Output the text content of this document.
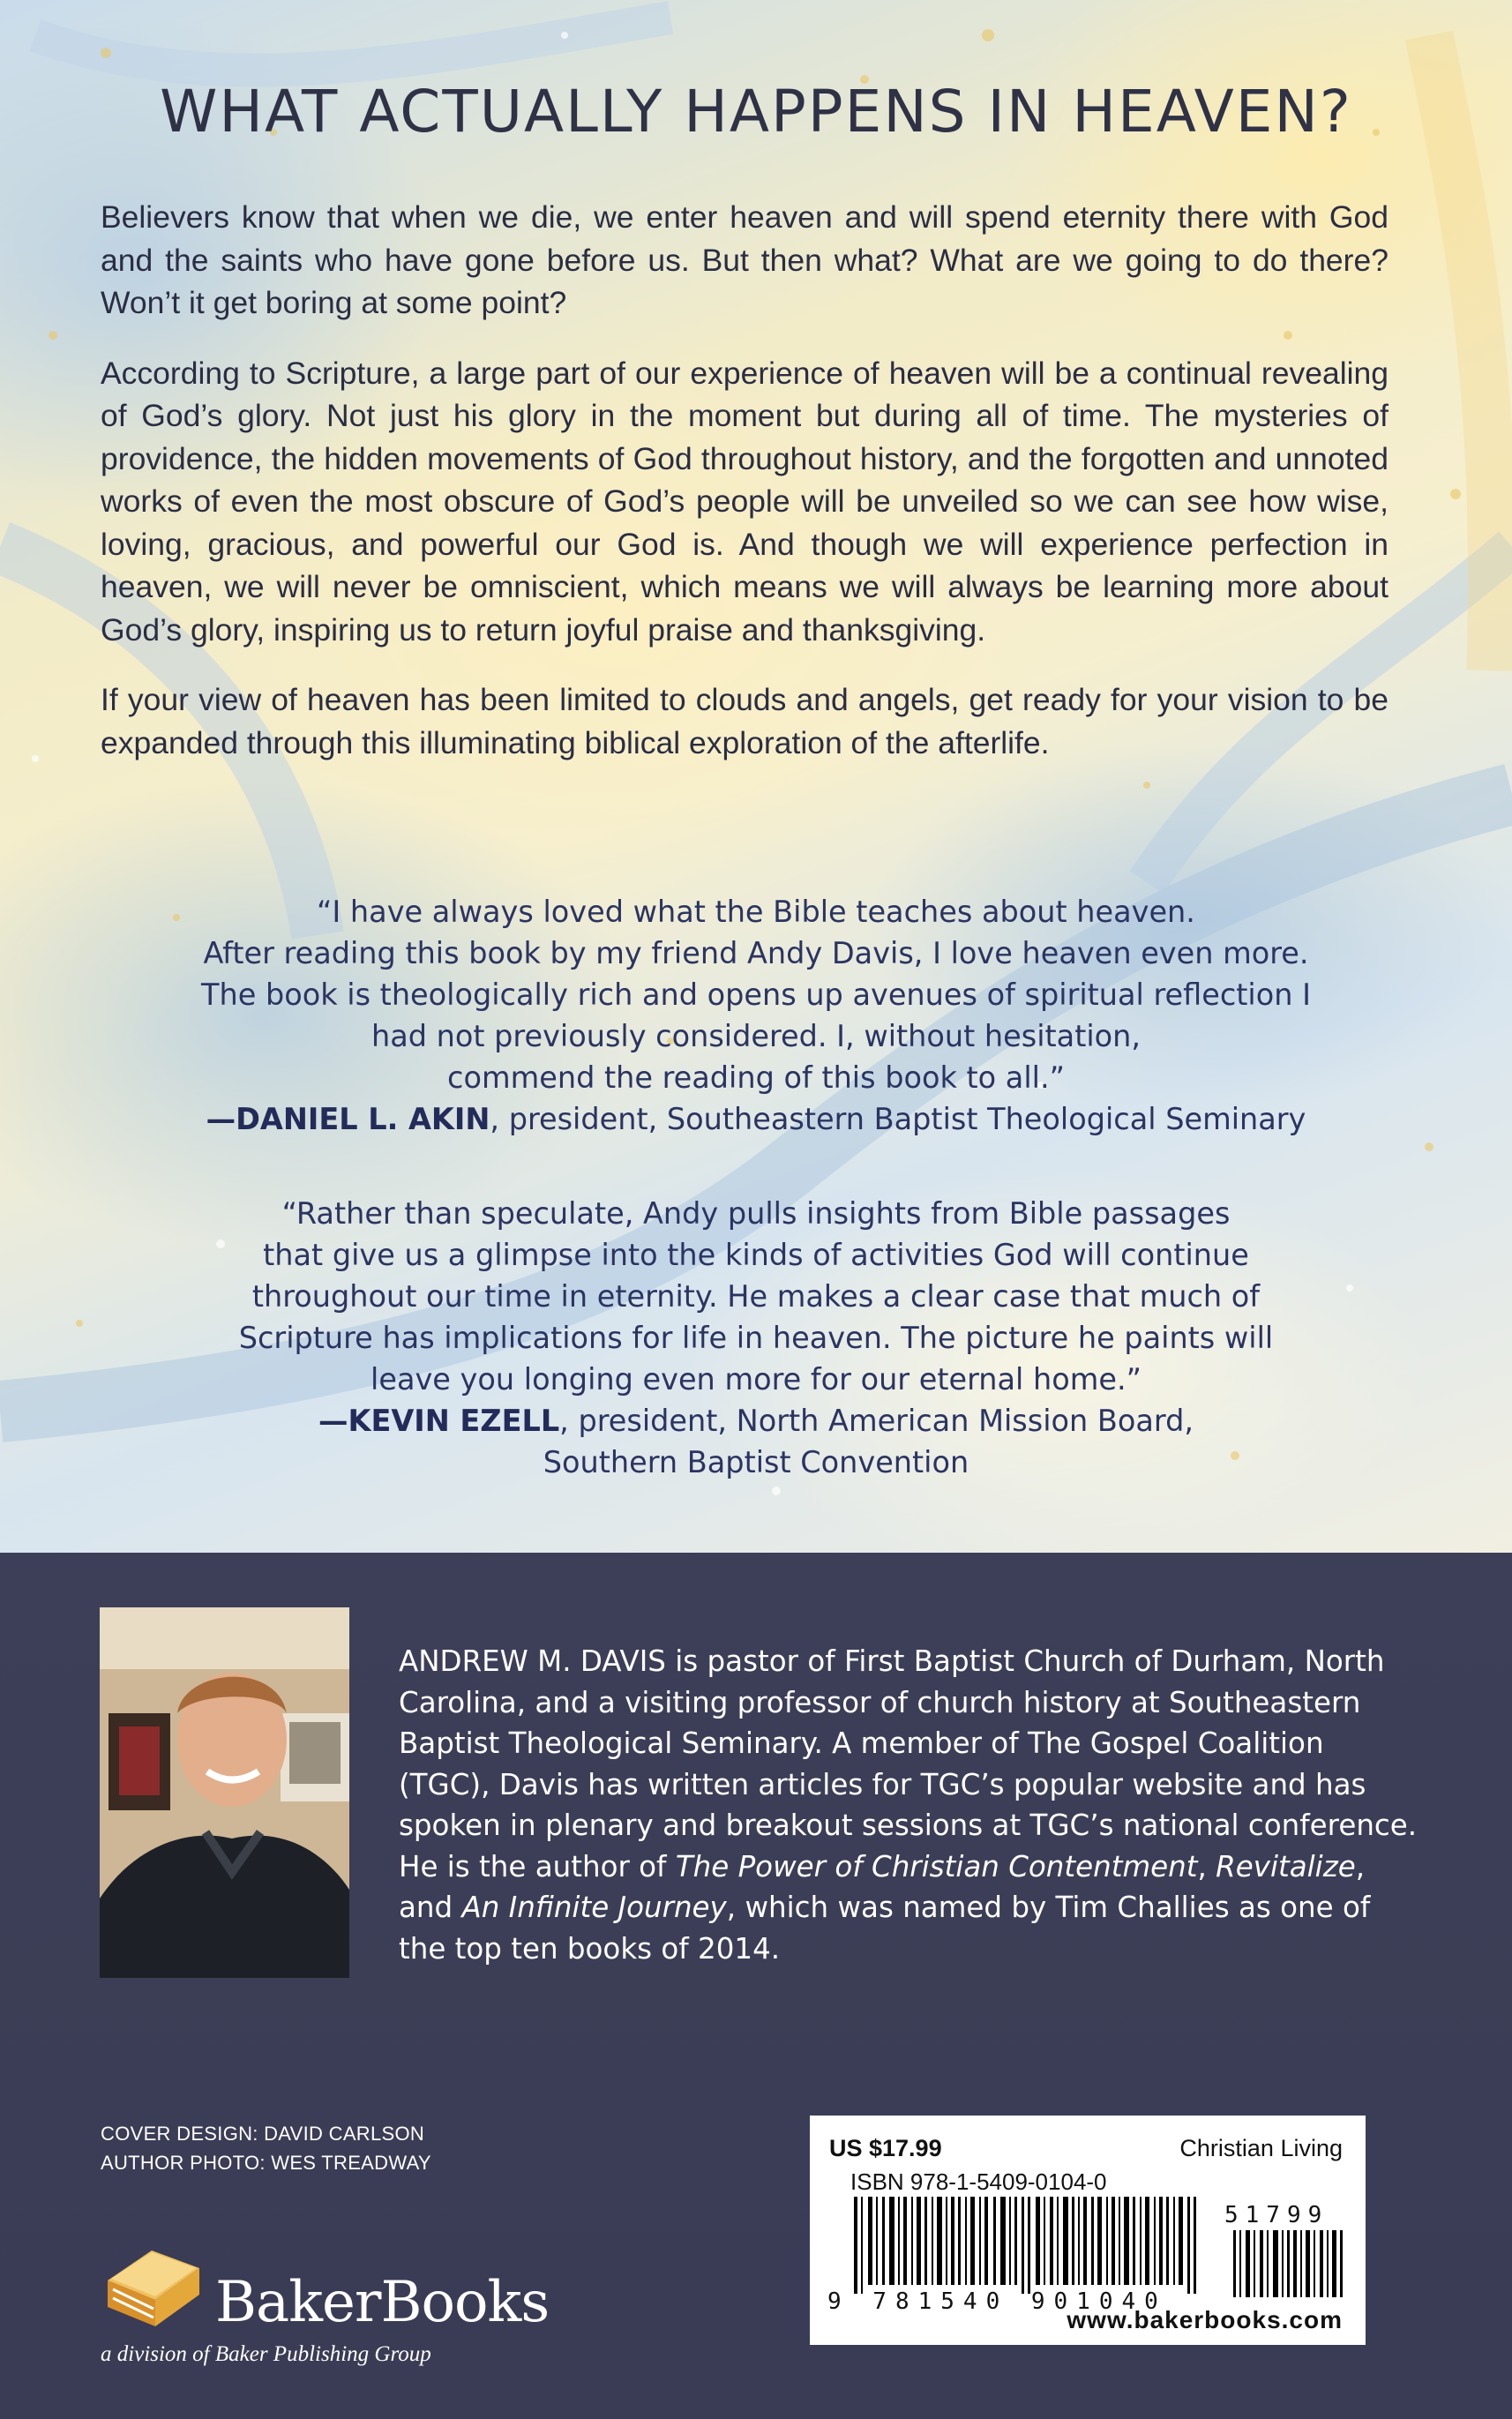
WHAT ACTUALLY HAPPENS IN HEAVEN?

Believers know that when we die, we enter heaven and will spend eternity there with God and the saints who have gone before us. But then what? What are we going to do there? Won’t it get boring at some point?

According to Scripture, a large part of our experience of heaven will be a continual revealing of God’s glory. Not just his glory in the moment but during all of time. The mysteries of providence, the hidden movements of God throughout history, and the forgotten and unnoted works of even the most obscure of God’s people will be unveiled so we can see how wise, loving, gracious, and powerful our God is. And though we will experience perfection in heaven, we will never be omniscient, which means we will always be learning more about God’s glory, inspiring us to return joyful praise and thanksgiving.

If your view of heaven has been limited to clouds and angels, get ready for your vision to be expanded through this illuminating biblical exploration of the afterlife.

“I have always loved what the Bible teaches about heaven.

After reading this book by my friend Andy Davis, I love heaven even more.

The book is theologically rich and opens up avenues of spiritual reflection I

had not previously considered. I, without hesitation,

commend the reading of this book to all.”

—DANIEL L. AKIN, president, Southeastern Baptist Theological Seminary

“Rather than speculate, Andy pulls insights from Bible passages

that give us a glimpse into the kinds of activities God will continue

throughout our time in eternity. He makes a clear case that much of

Scripture has implications for life in heaven. The picture he paints will

leave you longing even more for our eternal home.”

—KEVIN EZELL, president, North American Mission Board,

Southern Baptist Convention

ANDREW M. DAVIS is pastor of First Baptist Church of Durham, North Carolina, and a visiting professor of church history at Southeastern Baptist Theological Seminary. A member of The Gospel Coalition (TGC), Davis has written articles for TGC’s popular website and has spoken in plenary and breakout sessions at TGC’s national conference. He is the author of The Power of Christian Contentment, Revitalize, and An Infinite Journey, which was named by Tim Challies as one of the top ten books of 2014.

COVER DESIGN: DAVID CARLSON
AUTHOR PHOTO: WES TREADWAY
BakerBooks
a division of Baker Publishing Group
US $17.99	Christian Living
ISBN 978-1-5409-0104-0
51799
9 781540 901040
www.bakerbooks.com
